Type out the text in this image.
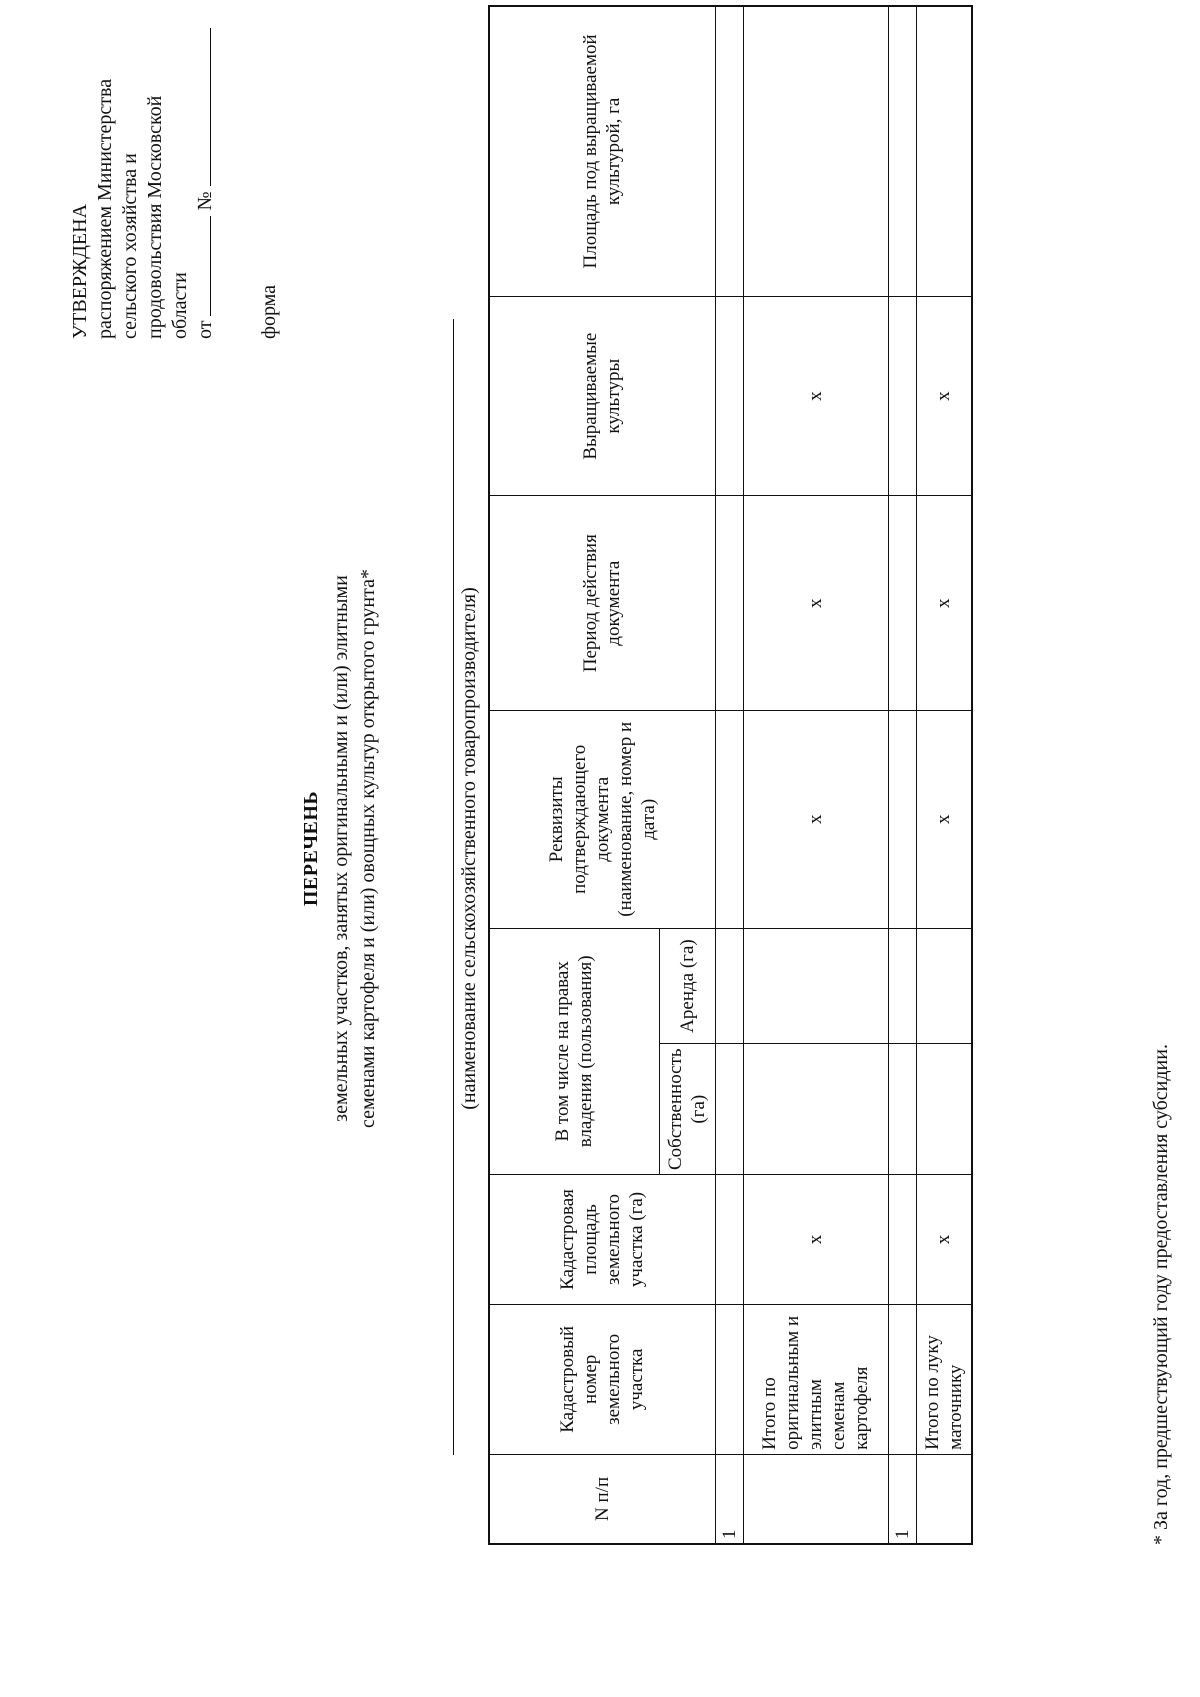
УТВЕРЖДЕНА распоряжением Министерства сельского хозяйства и продовольствия Московской области от  №
форма
ПЕРЕЧЕНЬ земельных участков, занятых оригинальными и (или) элитными семенами картофеля и (или) овощных культур открытого грунта*	(наименование сельскохозяйственного товаропроизводителя)
N п/п	Кадастровый номер земельного участка	Кадастровая площадь земельного участка (га)	В том числе на правах владения (пользования)		Реквизиты подтверждающего документа (наименование, номер и дата)	Период действия документа	Выращиваемые культуры	Площадь под выращиваемой культурой, га
			Собственность (га)	Аренда (га)				
1								
	Итого по оригинальным и элитным семенам картофеля	x			x	x	x	
1								
	Итого по луку маточнику	x			x	x	x	
* За год, предшествующий году предоставления субсидии.
